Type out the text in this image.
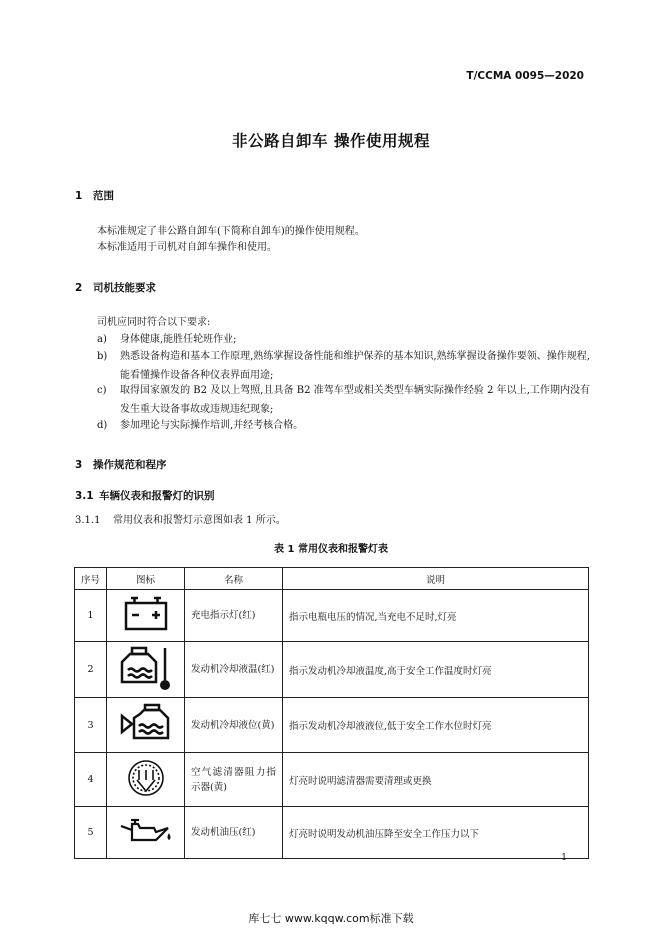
T/CCMA 0095—2020
非公路自卸车 操作使用规程
1 范围
本标准规定了非公路自卸车(下简称自卸车)的操作使用规程。
本标准适用于司机对自卸车操作和使用。
2 司机技能要求
司机应同时符合以下要求:
a)	身体健康,能胜任轮班作业;
b)	熟悉设备构造和基本工作原理,熟练掌握设备性能和维护保养的基本知识,熟练掌握设备操作要领、操作规程,能看懂操作设备各种仪表界面用途;
c)	取得国家颁发的 B2 及以上驾照,且具备 B2 准驾车型或相关类型车辆实际操作经验 2 年以上,工作期内没有发生重大设备事故或违规违纪现象;
d)	参加理论与实际操作培训,并经考核合格。
3 操作规范和程序
3.1 车辆仪表和报警灯的识别
3.1.1 常用仪表和报警灯示意图如表 1 所示。
表 1 常用仪表和报警灯表
序号	图标	名称	说明
1		充电指示灯(红)	指示电瓶电压的情况,当充电不足时,灯亮
2		发动机冷却液温(红)	指示发动机冷却液温度,高于安全工作温度时灯亮
3		发动机冷却液位(黄)	指示发动机冷却液液位,低于安全工作水位时灯亮
4		空气滤清器阻力指示器(黄)	灯亮时说明滤清器需要清理或更换
5		发动机油压(红)	灯亮时说明发动机油压降至安全工作压力以下
1
库七七 www.kqqw.com标准下载
